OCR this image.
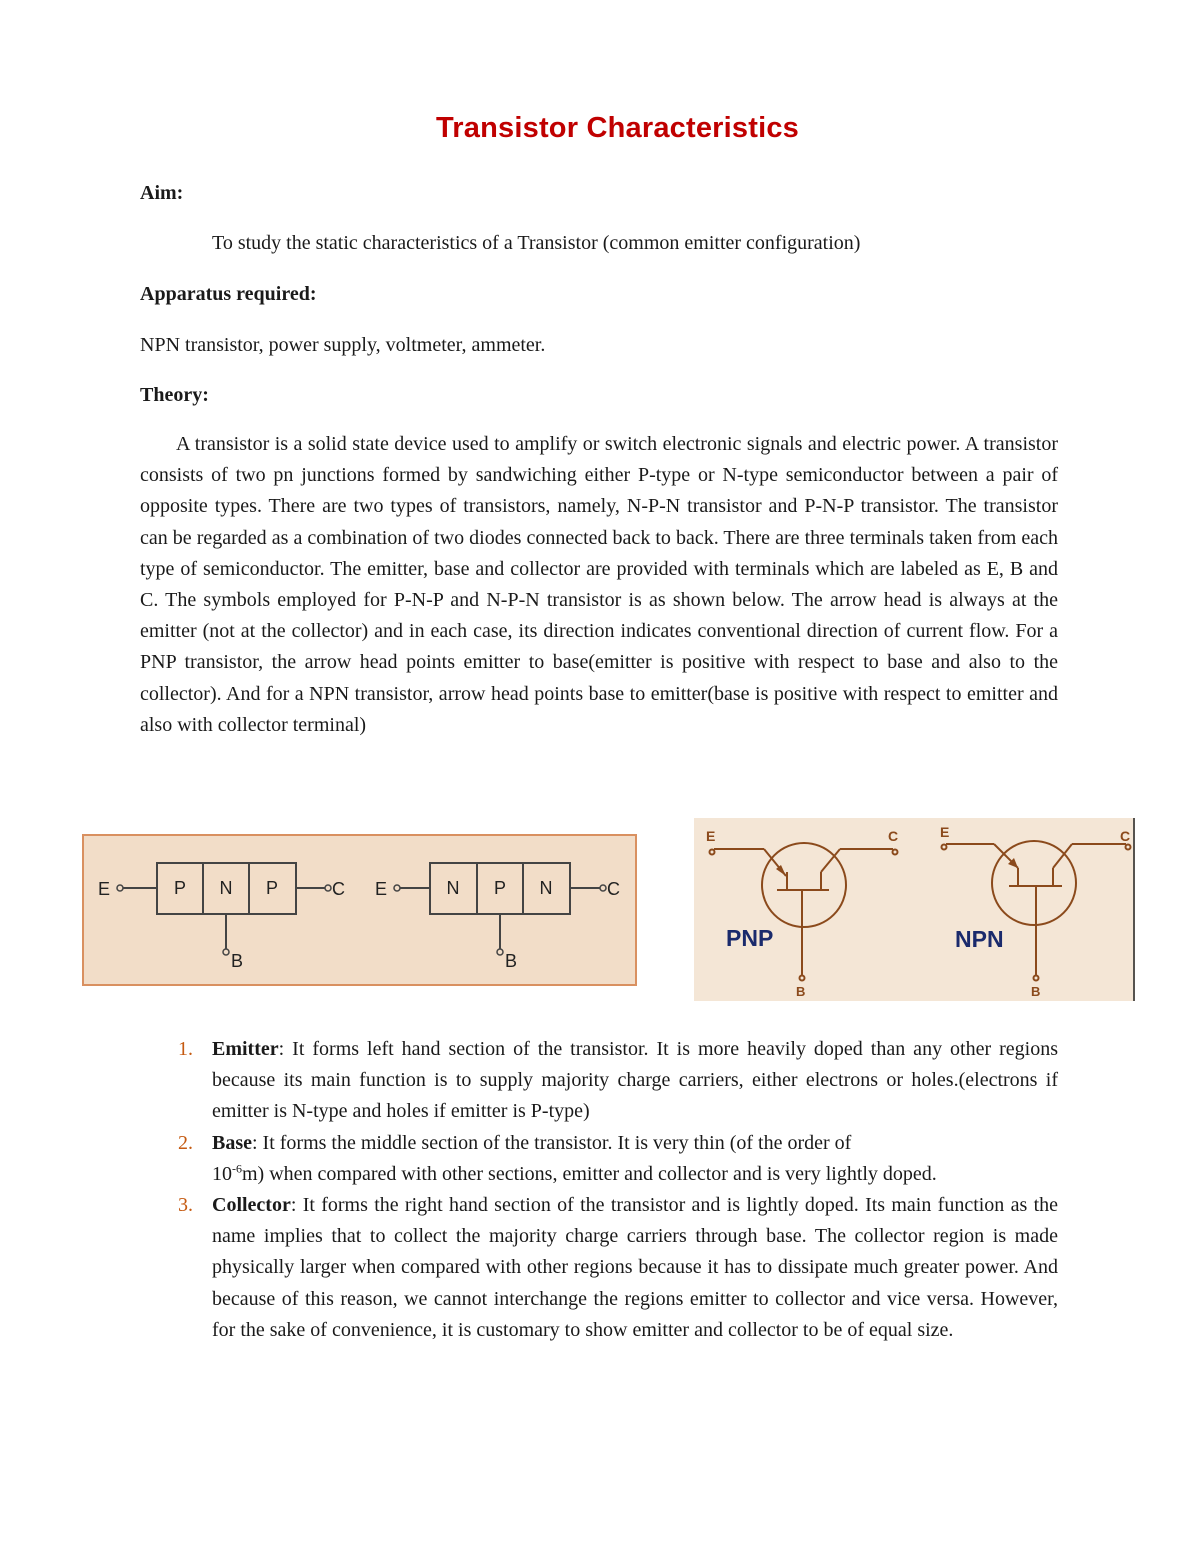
Transistor Characteristics
Aim:
To study the static characteristics of a Transistor (common emitter configuration)
Apparatus required:
NPN transistor, power supply, voltmeter, ammeter.
Theory:
A transistor is a solid state device used to amplify or switch electronic signals and electric power. A transistor consists of two pn junctions formed by sandwiching either P-type or N-type semiconductor between a pair of opposite types. There are two types of transistors, namely, N-P-N transistor and P-N-P transistor. The transistor can be regarded as a combination of two diodes connected back to back. There are three terminals taken from each type of semiconductor. The emitter, base and collector are provided with terminals which are labeled as E, B and C. The symbols employed for P-N-P and N-P-N transistor is as shown below. The arrow head is always at the emitter (not at the collector) and in each case, its direction indicates conventional direction of current flow. For a PNP transistor, the arrow head points emitter to base(emitter is positive with respect to base and also to the collector). And for a NPN transistor, arrow head points base to emitter(base is positive with respect to emitter and also with collector terminal)
E	P N P	C
B
E	N P N	C
B
E	C
B
PNP
E	C
B
NPN
1. Emitter: It forms left hand section of the transistor. It is more heavily doped than any other regions because its main function is to supply majority charge carriers, either electrons or holes.(electrons if emitter is N-type and holes if emitter is P-type)
2. Base: It forms the middle section of the transistor. It is very thin (of the order of
$10^{-6}m$) when compared with other sections, emitter and collector and is very lightly doped.
3. Collector: It forms the right hand section of the transistor and is lightly doped. Its main function as the name implies that to collect the majority charge carriers through base. The collector region is made physically larger when compared with other regions because it has to dissipate much greater power. And because of this reason, we cannot interchange the regions emitter to collector and vice versa. However, for the sake of convenience, it is customary to show emitter and collector to be of equal size.
